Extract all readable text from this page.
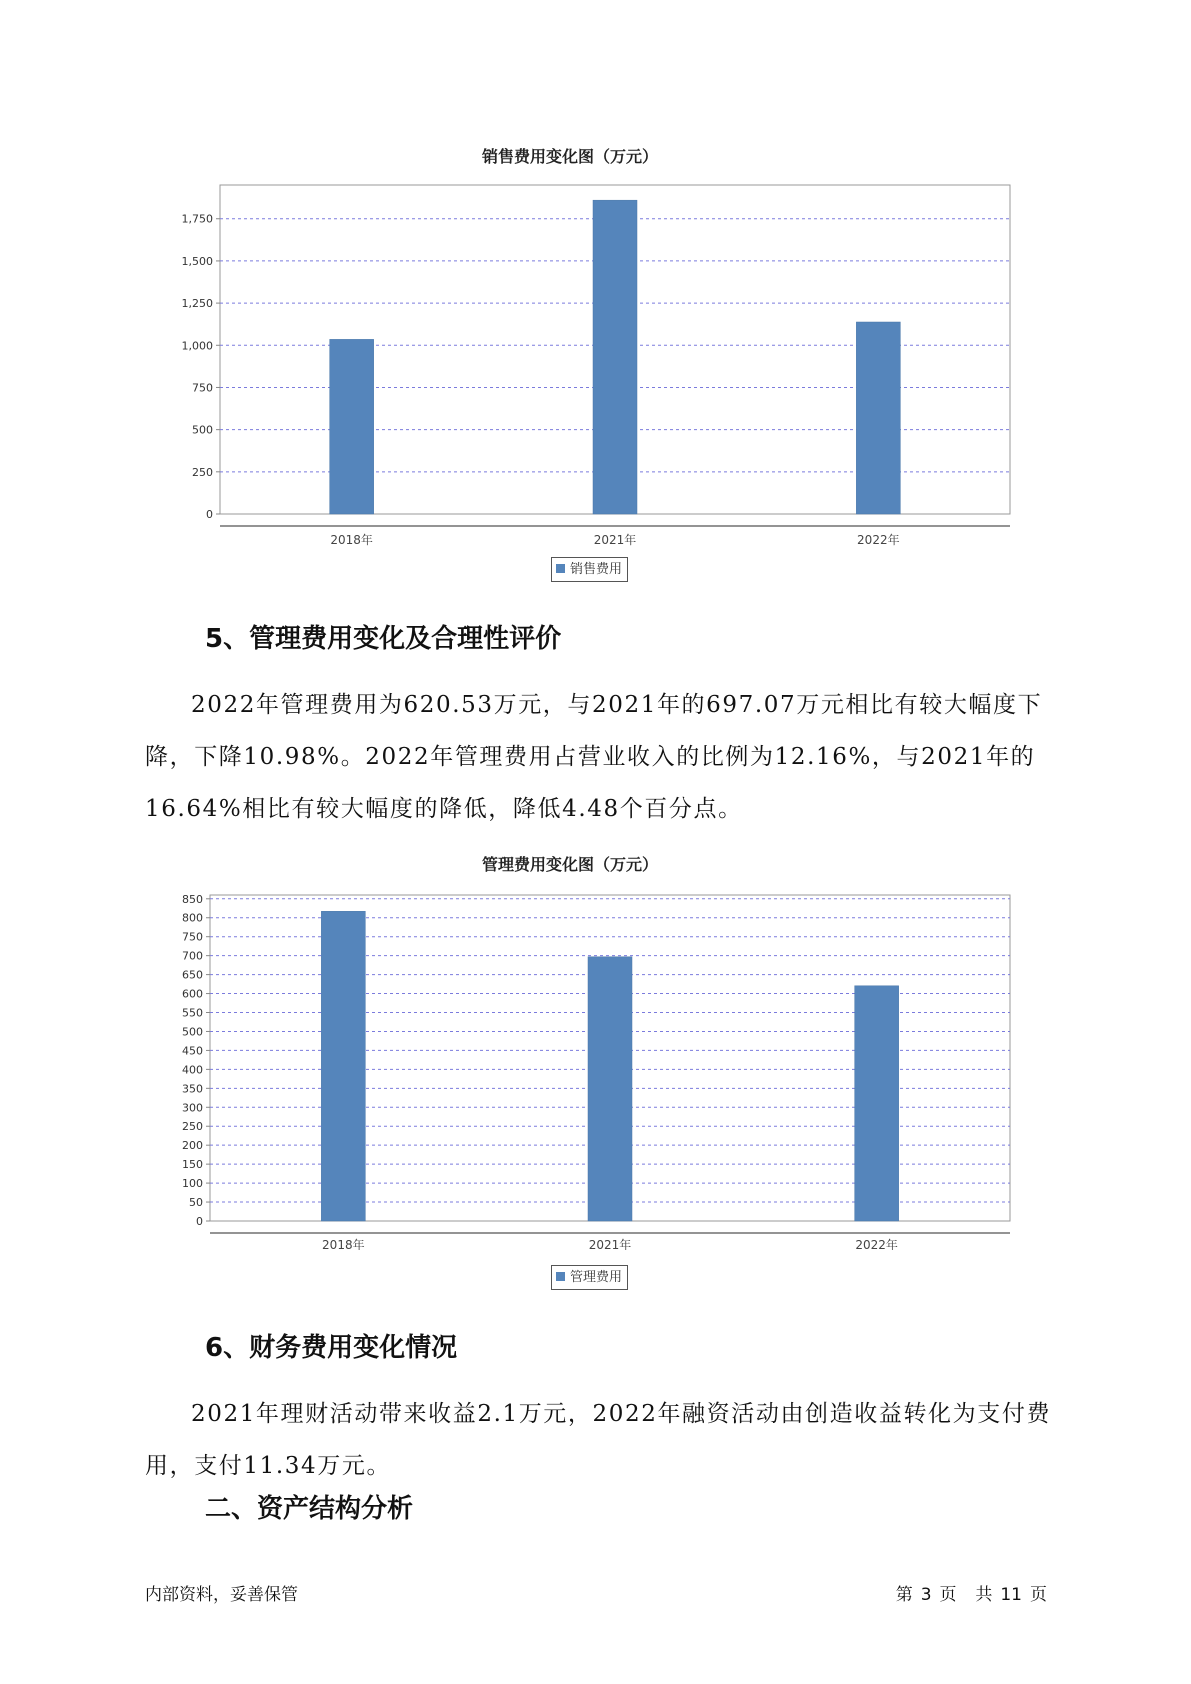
销售费用变化图（万元）
0
250
500
750
1,000
1,250
1,500
1,750
2018年	2021年	2022年
销售费用
5、管理费用变化及合理性评价

2022年管理费用为620.53万元，与2021年的697.07万元相比有较大幅度下降，下降10.98%。2022年管理费用占营业收入的比例为12.16%，与2021年的16.64%相比有较大幅度的降低，降低4.48个百分点。

管理费用变化图（万元）
0
50
100
150
200
250
300
350
400
450
500
550
600
650
700
750
800
850
2018年	2021年	2022年
管理费用
6、财务费用变化情况

2021年理财活动带来收益2.1万元，2022年融资活动由创造收益转化为支付费用，支付11.34万元。

二、资产结构分析
内部资料，妥善保管	第 3 页 共 11 页
